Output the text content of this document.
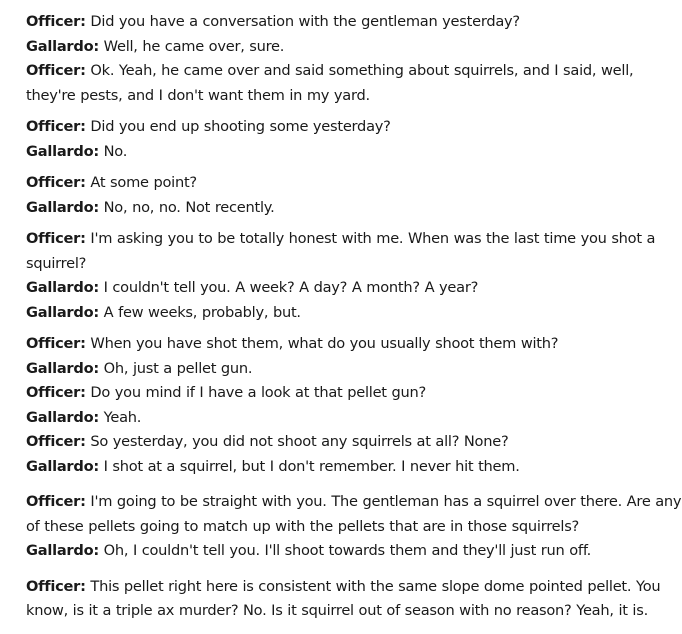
Officer: Did you have a conversation with the gentleman yesterday?
Gallardo: Well, he came over, sure.
Officer: Ok. Yeah, he came over and said something about squirrels, and I said, well, they're pests, and I don't want them in my yard.
Officer: Did you end up shooting some yesterday?
Gallardo: No.
Officer: At some point?
Gallardo: No, no, no. Not recently.
Officer: I'm asking you to be totally honest with me. When was the last time you shot a squirrel?
Gallardo: I couldn't tell you. A week? A day? A month? A year?
Gallardo: A few weeks, probably, but.
Officer: When you have shot them, what do you usually shoot them with?
Gallardo: Oh, just a pellet gun.
Officer: Do you mind if I have a look at that pellet gun?
Gallardo: Yeah.
Officer: So yesterday, you did not shoot any squirrels at all? None?
Gallardo: I shot at a squirrel, but I don't remember. I never hit them.
Officer: I'm going to be straight with you. The gentleman has a squirrel over there. Are any of these pellets going to match up with the pellets that are in those squirrels?
Gallardo: Oh, I couldn't tell you. I'll shoot towards them and they'll just run off.
Officer: This pellet right here is consistent with the same slope dome pointed pellet. You know, is it a triple ax murder? No. Is it squirrel out of season with no reason? Yeah, it is.
